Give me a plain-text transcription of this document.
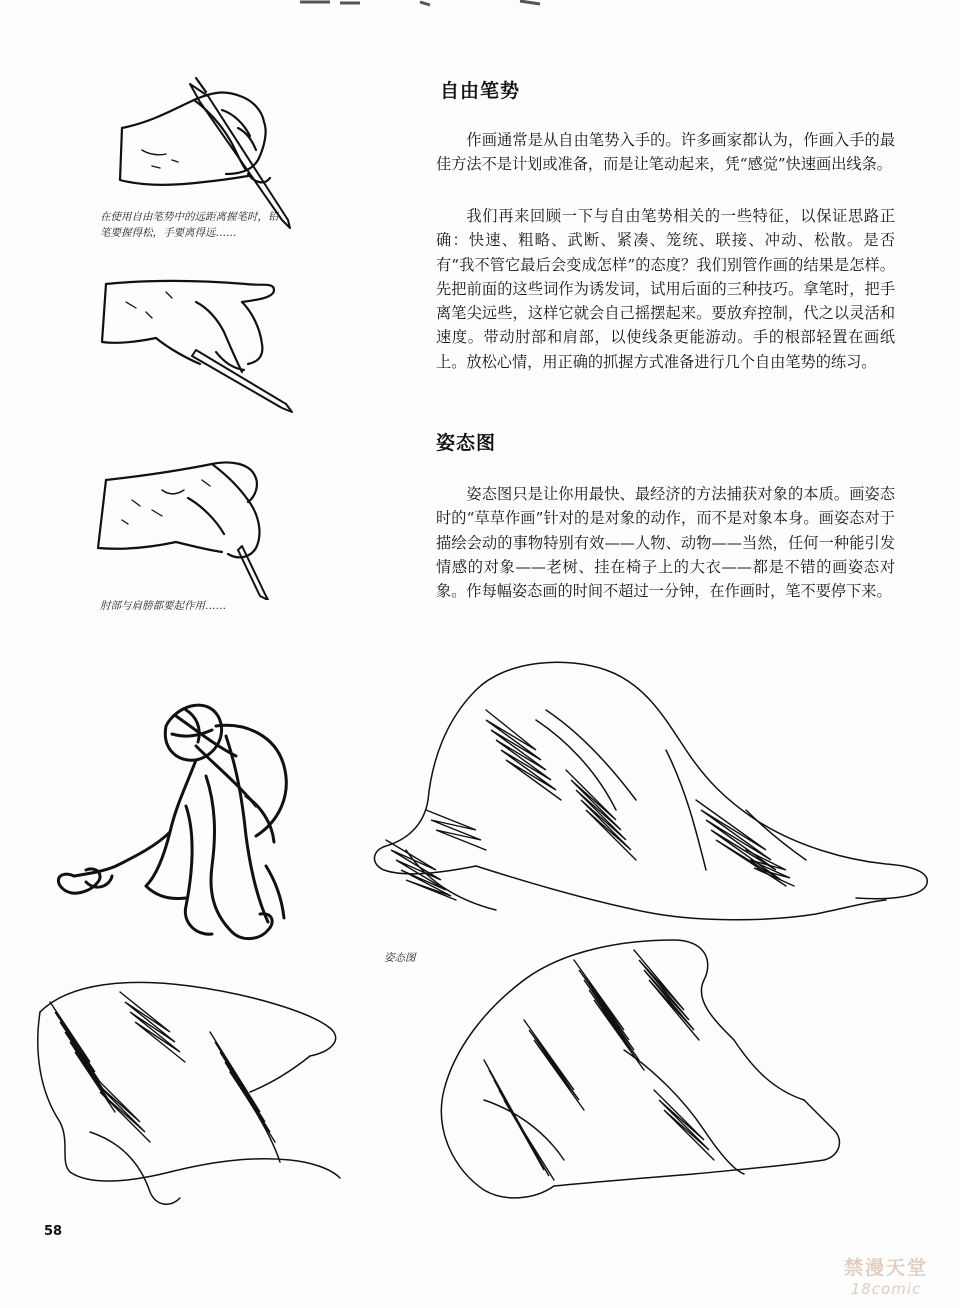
在使用自由笔势中的远距离握笔时，铅笔要握得松，手要离得远……

肘部与肩膀都要起作用……

自由笔势

作画通常是从自由笔势入手的。许多画家都认为，作画入手的最佳方法不是计划或准备，而是让笔动起来，凭“感觉”快速画出线条。

我们再来回顾一下与自由笔势相关的一些特征，以保证思路正确：快速、粗略、武断、紧凑、笼统、联接、冲动、松散。是否有“我不管它最后会变成怎样”的态度？我们别管作画的结果是怎样。先把前面的这些词作为诱发词，试用后面的三种技巧。拿笔时，把手离笔尖远些，这样它就会自己摇摆起来。要放弃控制，代之以灵活和速度。带动肘部和肩部，以使线条更能游动。手的根部轻置在画纸上。放松心情，用正确的抓握方式准备进行几个自由笔势的练习。

姿态图

姿态图只是让你用最快、最经济的方法捕获对象的本质。画姿态时的“草草作画”针对的是对象的动作，而不是对象本身。画姿态对于描绘会动的事物特别有效——人物、动物——当然，任何一种能引发情感的对象——老树、挂在椅子上的大衣——都是不错的画姿态对象。作每幅姿态画的时间不超过一分钟，在作画时，笔不要停下来。

姿态图

58
禁漫天堂
18comic
